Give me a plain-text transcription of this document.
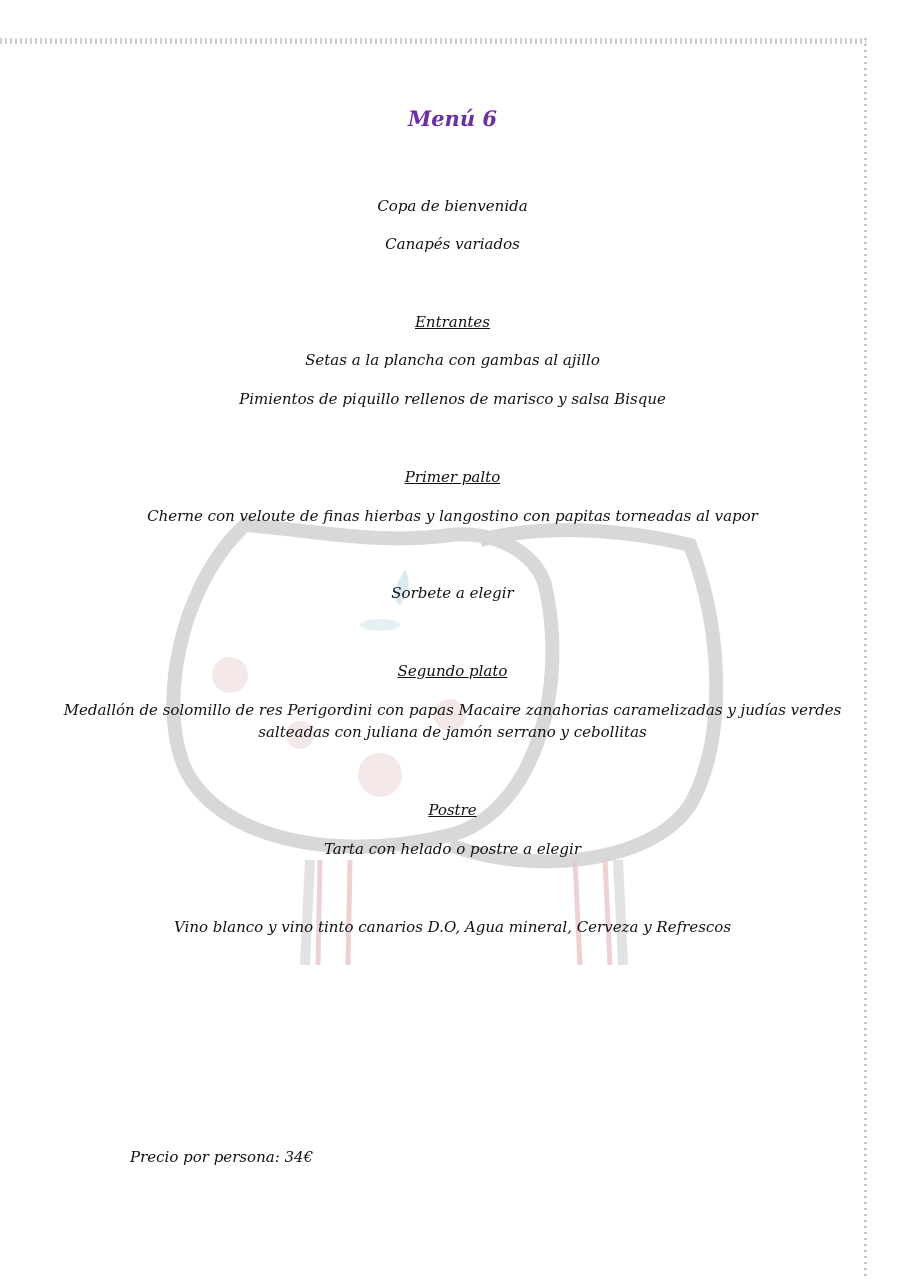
Menú 6
Copa de bienvenida
Canapés variados
Entrantes
Setas a la plancha con gambas al ajillo
Pimientos de piquillo rellenos de marisco y salsa Bisque
Primer palto
Cherne con veloute de finas hierbas y langostino con papitas torneadas al vapor
Sorbete a elegir
Segundo plato
Medallón de solomillo de res Perigordini con papas Macaire zanahorias caramelizadas y judías verdes
salteadas con juliana de jamón serrano y cebollitas
Postre
Tarta con helado o postre a elegir
Vino blanco y vino tinto canarios D.O, Agua mineral, Cerveza y Refrescos
Precio por persona: 34€
